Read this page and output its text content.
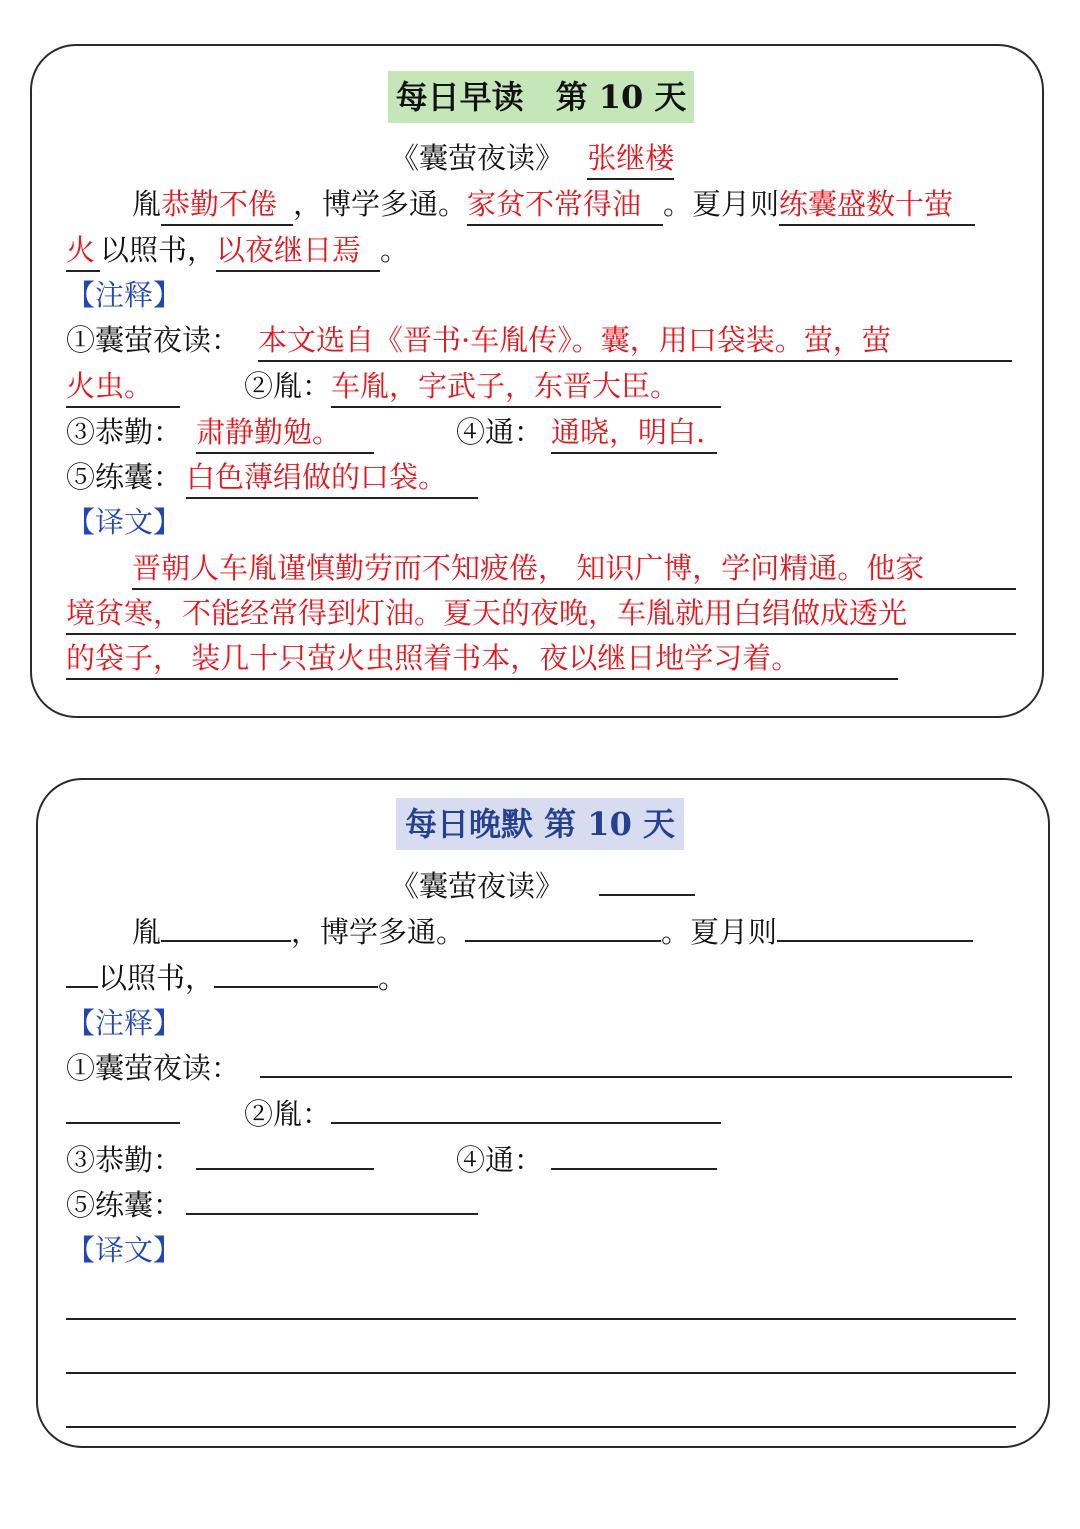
每日早读　第 10 天
《囊萤夜读》 张继楼
胤恭勤不倦 ，博学多通。家贫不常得油 。夏月则练囊盛数十萤
火 以照书，以夜继日焉 。
【注释】
①囊萤夜读： 本文选自《晋书·车胤传》。囊，用口袋装。萤，萤
火虫。	②胤：车胤，字武子，东晋大臣。
③恭勤： 肃静勤勉。	④通： 通晓，明白.
⑤练囊： 白色薄绢做的口袋。
【译文】
晋朝人车胤谨慎勤劳而不知疲倦， 知识广博，学问精通。他家
境贫寒，不能经常得到灯油。夏天的夜晚，车胤就用白绢做成透光
的袋子， 装几十只萤火虫照着书本，夜以继日地学习着。
每日晚默 第 10 天
《囊萤夜读》
胤	，博学多通。	。夏月则
以照书，	。
【注释】
①囊萤夜读：
②胤：
③恭勤：	④通：
⑤练囊：
【译文】
